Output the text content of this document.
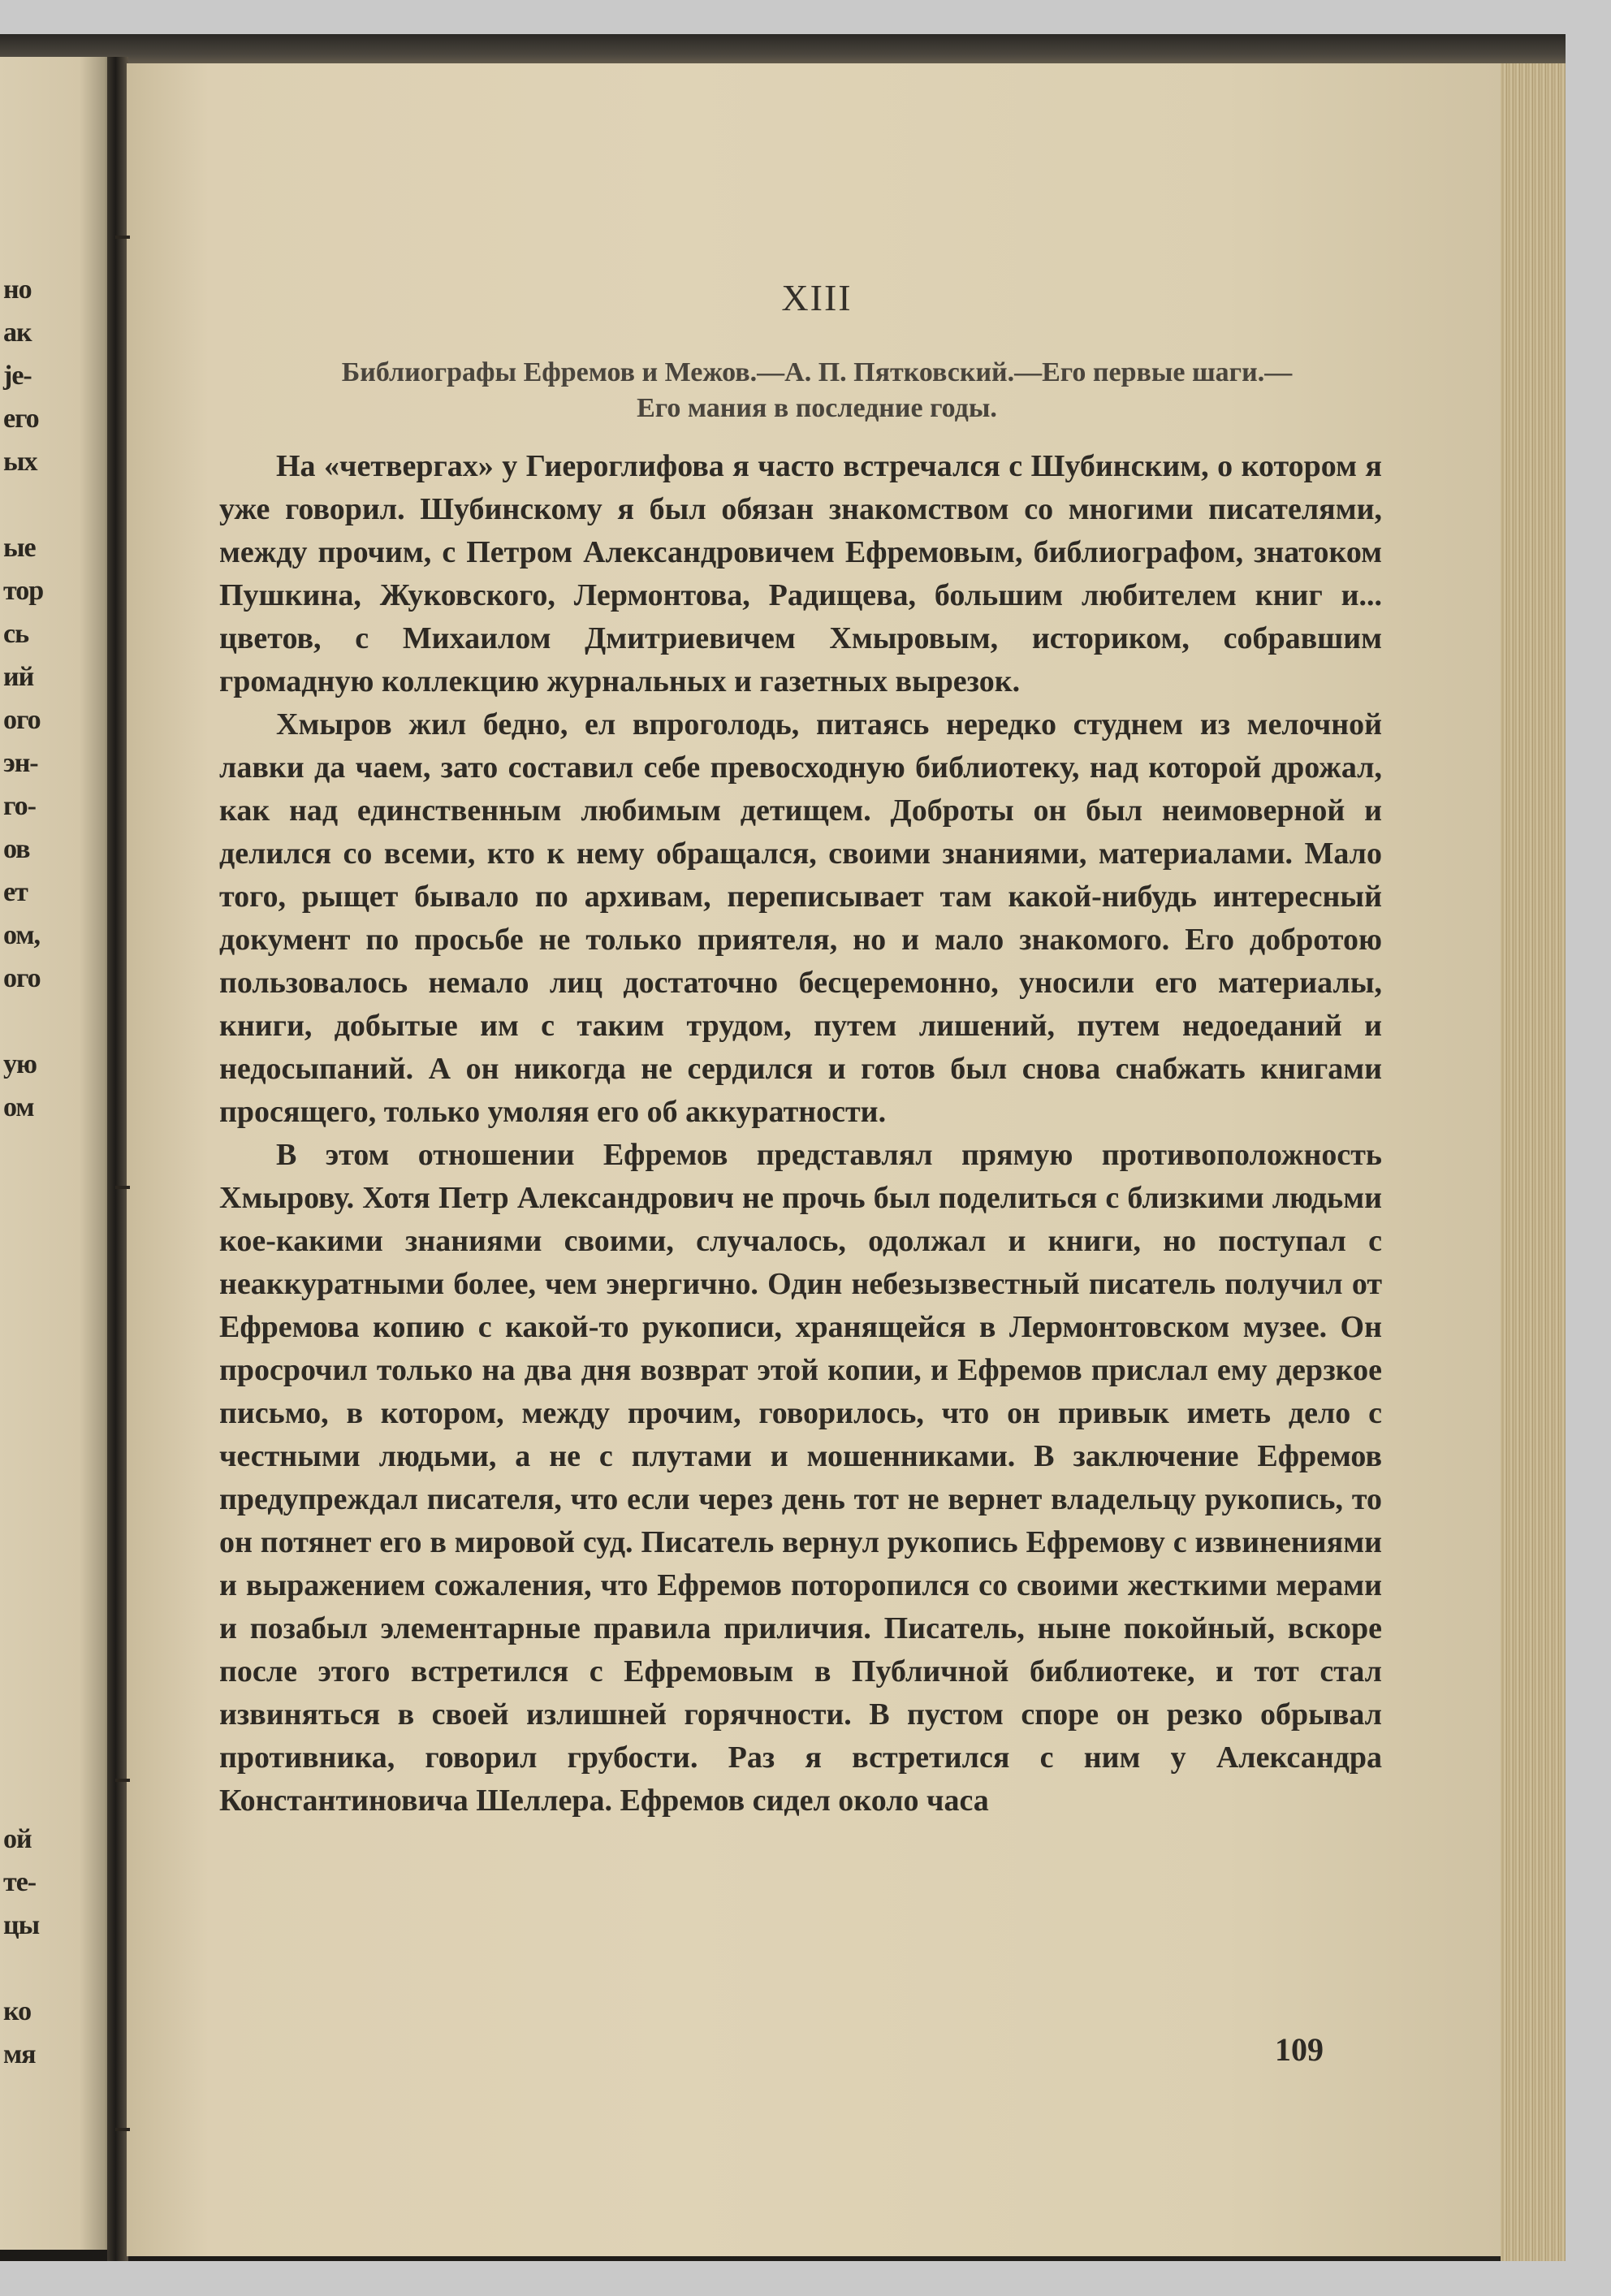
но
ак
је-
его
ых
ые
тор
сь
ий
ого
эн-
го-
ов
ет
ом,
ого
ую
ом
ой
те-
цы
ко
мя
XIII
Библиографы Ефремов и Межов.—А. П. Пятковский.—Его первые шаги.—
Его мания в последние годы.

На «четвергах» у Гиероглифова я часто встречался с Шубинским, о котором я уже говорил. Шубинскому я был обязан знакомством со многими писателями, между прочим, с Петром Александровичем Ефремовым, библиографом, знатоком Пушкина, Жуковского, Лермонтова, Радищева, большим любителем книг и... цветов, с Михаилом Дмитриевичем Хмыровым, историком, собравшим громадную коллекцию журнальных и газетных вырезок.

Хмыров жил бедно, ел впроголодь, питаясь нередко студнем из мелочной лавки да чаем, зато составил себе превосходную библиотеку, над которой дрожал, как над единственным любимым детищем. Доброты он был неимоверной и делился со всеми, кто к нему обращался, своими знаниями, материалами. Мало того, рыщет бывало по архивам, переписывает там какой-нибудь интересный документ по просьбе не только приятеля, но и мало знакомого. Его добротою пользовалось немало лиц достаточно бесцеремонно, уносили его материалы, книги, добытые им с таким трудом, путем лишений, путем недоеданий и недосыпаний. А он никогда не сердился и готов был снова снабжать книгами просящего, только умоляя его об аккуратности.

В этом отношении Ефремов представлял прямую противоположность Хмырову. Хотя Петр Александрович не прочь был поделиться с близкими людьми кое-какими знаниями своими, случалось, одолжал и книги, но поступал с неаккуратными более, чем энергично. Один небезызвестный писатель получил от Ефремова копию с какой-то рукописи, хранящейся в Лермонтовском музее. Он просрочил только на два дня возврат этой копии, и Ефремов прислал ему дерзкое письмо, в котором, между прочим, говорилось, что он привык иметь дело с честными людьми, а не с плутами и мошенниками. В заключение Ефремов предупреждал писателя, что если через день тот не вернет владельцу рукопись, то он потянет его в мировой суд. Писатель вернул рукопись Ефремову с извинениями и выражением сожаления, что Ефремов поторопился со своими жесткими мерами и позабыл элементарные правила приличия. Писатель, ныне покойный, вскоре после этого встретился с Ефремовым в Публичной библиотеке, и тот стал извиняться в своей излишней горячности. В пустом споре он резко обрывал противника, говорил грубости. Раз я встретился с ним у Александра Константиновича Шеллера. Ефремов сидел около часа

109
